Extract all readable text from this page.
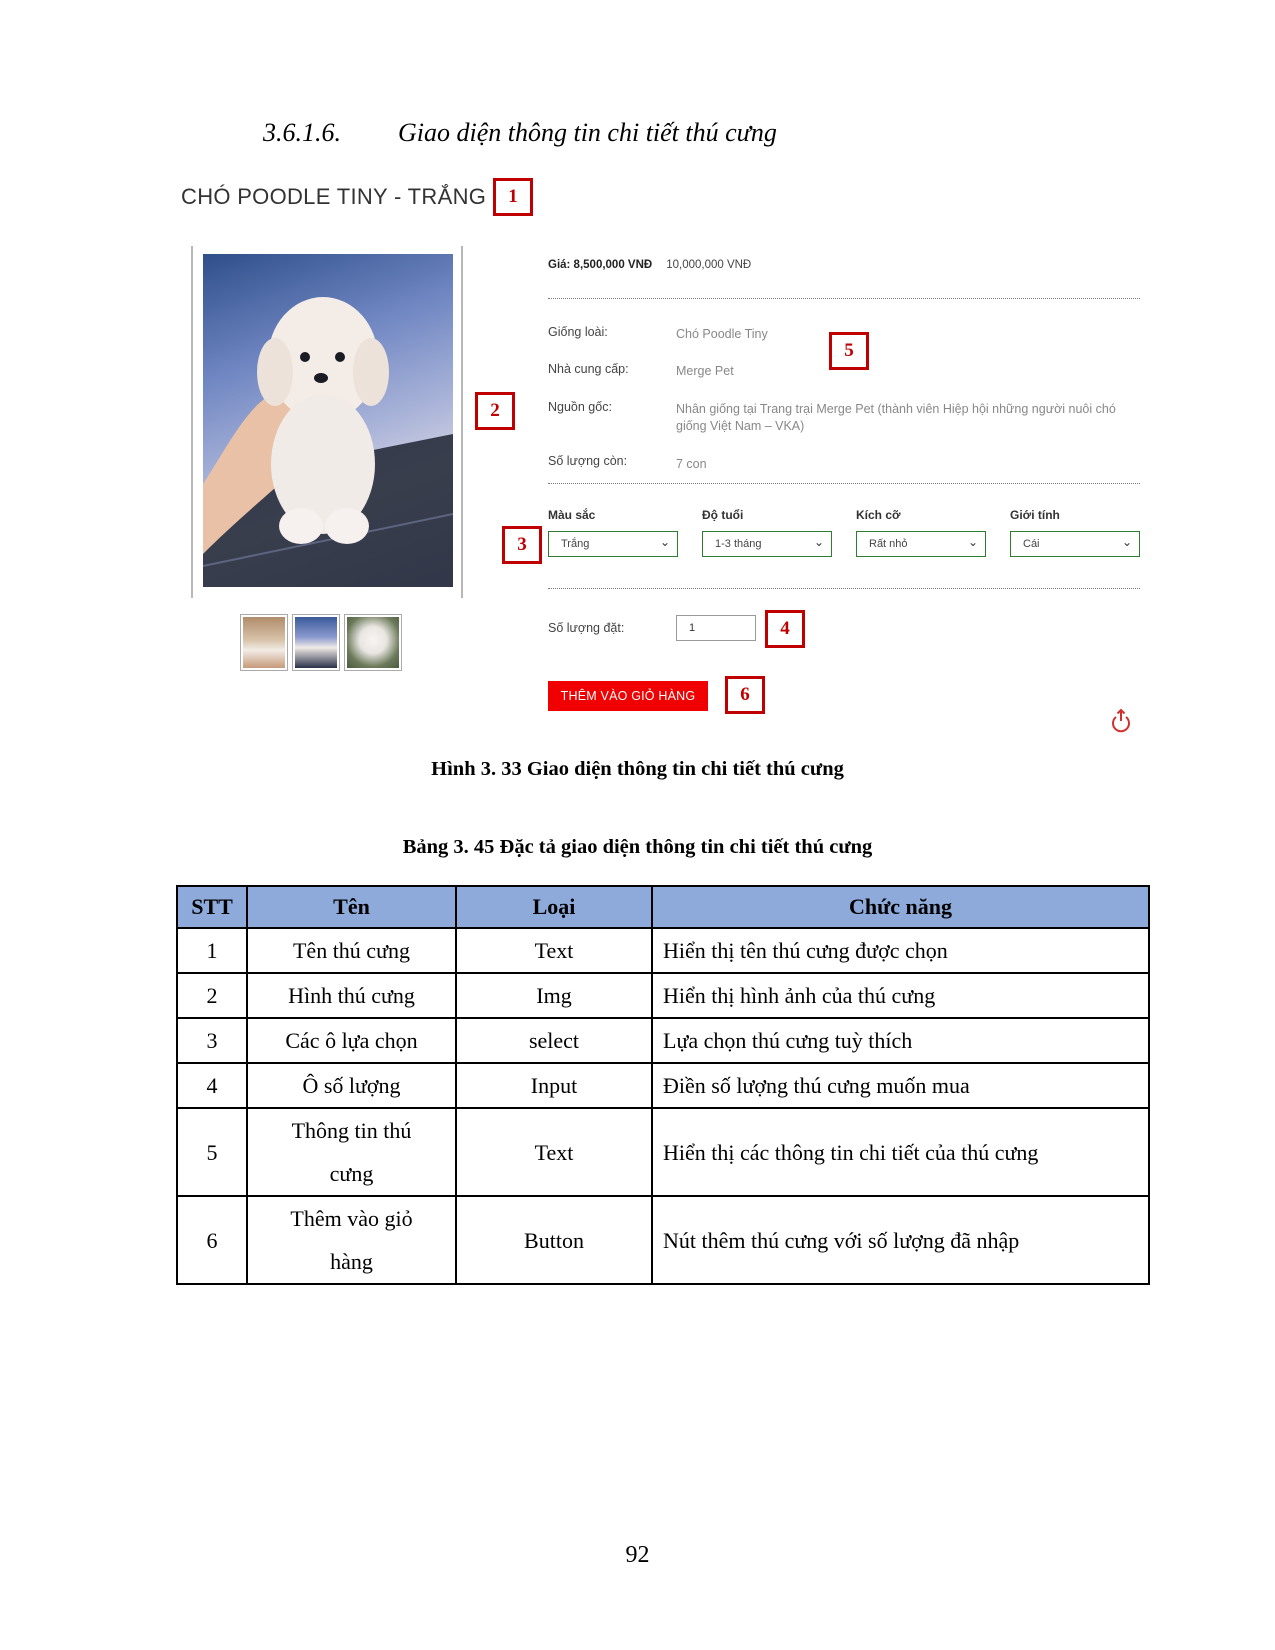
3.6.1.6. Giao diện thông tin chi tiết thú cưng
CHÓ POODLE TINY - TRẮNG	1
2
Giá: 8,500,000 VNĐ 10,000,000 VNĐ
Giống loài:	Chó Poodle Tiny
Nhà cung cấp:	Merge Pet
Nguồn gốc:	Nhân giống tại Trang trại Merge Pet (thành viên Hiệp hội những người nuôi chó giống Việt Nam – VKA)
Số lượng còn:	7 con
5
Màu sắc	Độ tuổi	Kích cỡ	Giới tính
Trắng	⌄	1-3 tháng	⌄	Rất nhỏ	⌄	Cái	⌄
3
Số lượng đặt:	1	4
THÊM VÀO GIỎ HÀNG	6
Hình 3. 33 Giao diện thông tin chi tiết thú cưng
Bảng 3. 45 Đặc tả giao diện thông tin chi tiết thú cưng
STT	Tên	Loại	Chức năng
1	Tên thú cưng	Text	Hiển thị tên thú cưng được chọn
2	Hình thú cưng	Img	Hiển thị hình ảnh của thú cưng
3	Các ô lựa chọn	select	Lựa chọn thú cưng tuỳ thích
4	Ô số lượng	Input	Điền số lượng thú cưng muốn mua
5	Thông tin thú cưng	Text	Hiển thị các thông tin chi tiết của thú cưng
6	Thêm vào giỏ hàng	Button	Nút thêm thú cưng với số lượng đã nhập
92
